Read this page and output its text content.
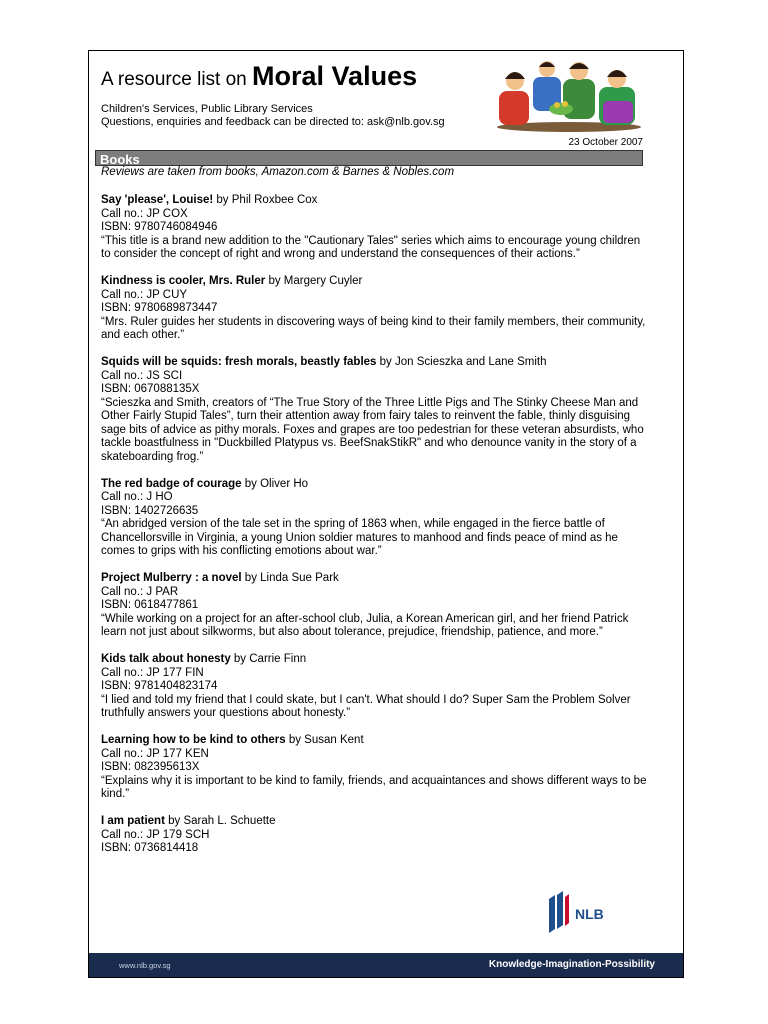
A resource list on Moral Values
Children's Services, Public Library Services
Questions, enquiries and feedback can be directed to: ask@nlb.gov.sg
23 October 2007
Books
Reviews are taken from books, Amazon.com & Barnes & Nobles.com

Say 'please', Louise! by Phil Roxbee Cox

Call no.: JP COX

ISBN: 9780746084946

“This title is a brand new addition to the "Cautionary Tales" series which aims to encourage young children to consider the concept of right and wrong and understand the consequences of their actions.”

Kindness is cooler, Mrs. Ruler by Margery Cuyler

Call no.: JP CUY

ISBN: 9780689873447

“Mrs. Ruler guides her students in discovering ways of being kind to their family members, their community, and each other.”

Squids will be squids: fresh morals, beastly fables by Jon Scieszka and Lane Smith

Call no.: JS SCI

ISBN: 067088135X

“Scieszka and Smith, creators of “The True Story of the Three Little Pigs and The Stinky Cheese Man and Other Fairly Stupid Tales”, turn their attention away from fairy tales to reinvent the fable, thinly disguising sage bits of advice as pithy morals. Foxes and grapes are too pedestrian for these veteran absurdists, who tackle boastfulness in "Duckbilled Platypus vs. BeefSnakStikR" and who denounce vanity in the story of a skateboarding frog.”

The red badge of courage by Oliver Ho

Call no.: J HO

ISBN: 1402726635

“An abridged version of the tale set in the spring of 1863 when, while engaged in the fierce battle of Chancellorsville in Virginia, a young Union soldier matures to manhood and finds peace of mind as he comes to grips with his conflicting emotions about war.”

Project Mulberry : a novel by Linda Sue Park

Call no.: J PAR

ISBN: 0618477861

“While working on a project for an after-school club, Julia, a Korean American girl, and her friend Patrick learn not just about silkworms, but also about tolerance, prejudice, friendship, patience, and more.”

Kids talk about honesty by Carrie Finn

Call no.: JP 177 FIN

ISBN: 9781404823174

“I lied and told my friend that I could skate, but I can't. What should I do? Super Sam the Problem Solver truthfully answers your questions about honesty.”

Learning how to be kind to others by Susan Kent

Call no.: JP 177 KEN

ISBN: 082395613X

“Explains why it is important to be kind to family, friends, and acquaintances and shows different ways to be kind.”

I am patient by Sarah L. Schuette

Call no.: JP 179 SCH

ISBN: 0736814418

NLB
www.nlb.gov.sg	Knowledge-Imagination-Possibility
